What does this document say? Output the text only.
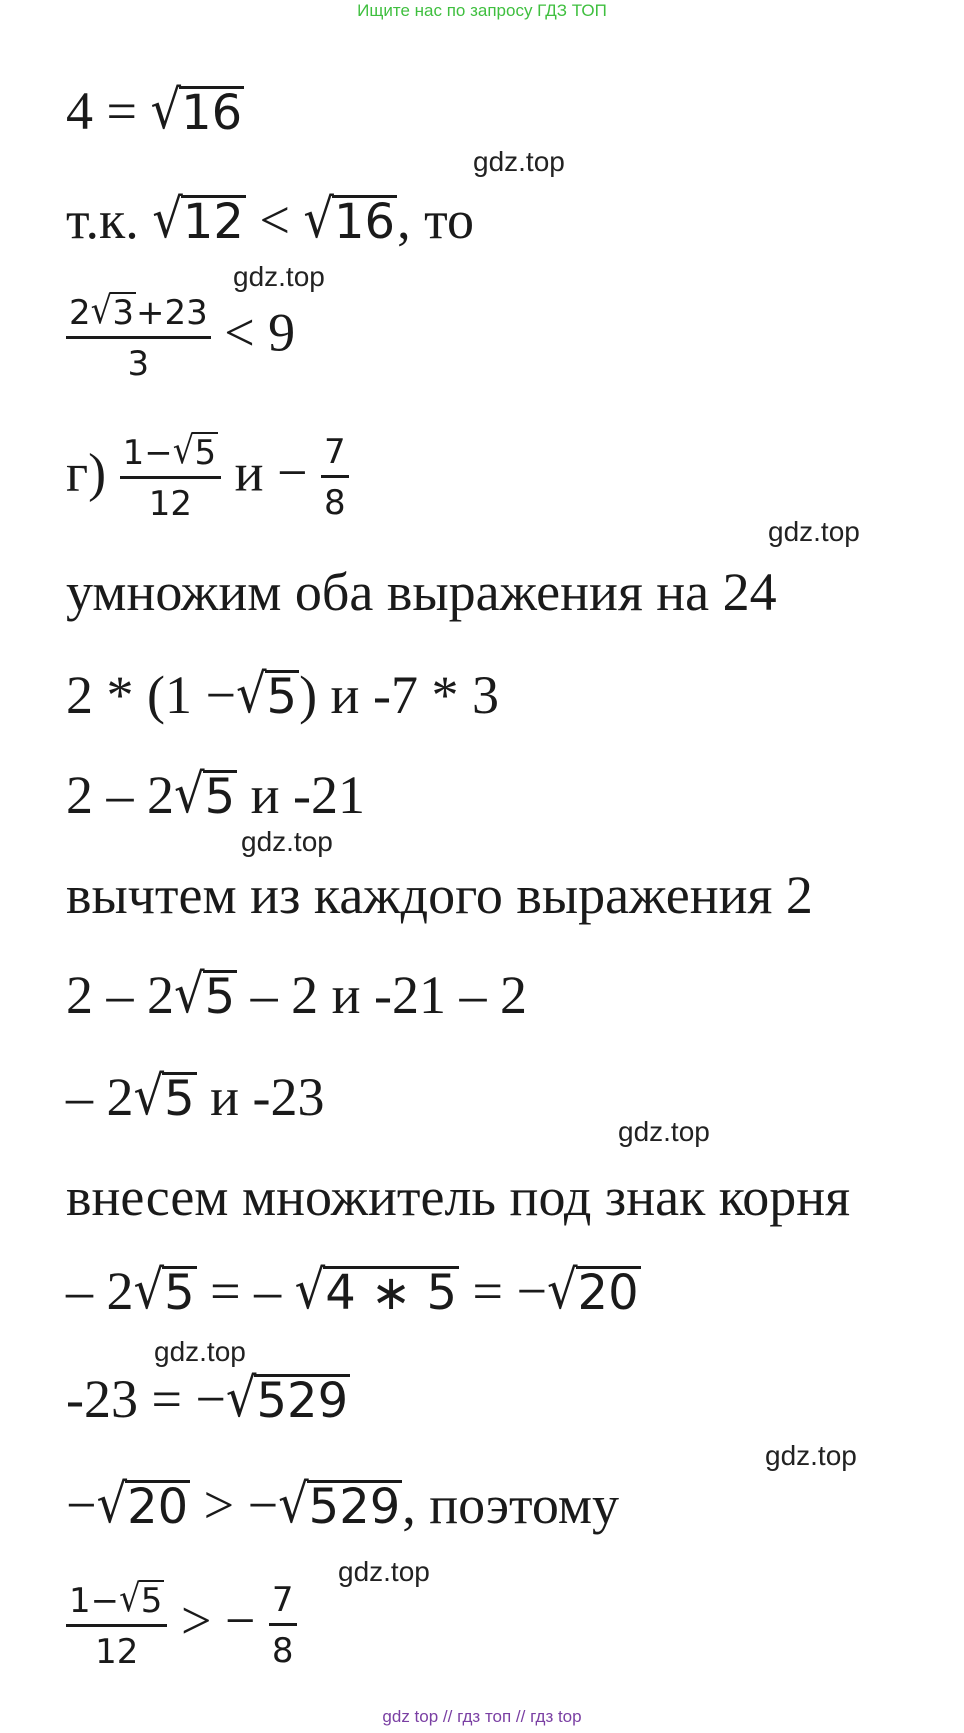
Ищите нас по запросу ГДЗ ТОП
gdz.top
gdz.top
gdz.top
gdz.top
gdz.top
gdz.top
gdz.top
gdz.top
4 = √16
т.к. √12 < √16, то
$\frac{2√3+23}{3} < 9$
$г) \frac{1-√5}{12}$ $и - \frac{7}{8}$
умножим оба выражения на 24
2 * (1 −√5) и -7 * 3
2 – 2√5 и -21
вычтем из каждого выражения 2
2 – 2√5 – 2 и -21 – 2
– 2√5 и -23
внесем множитель под знак корня
– 2√5 = – √4 ∗ 5 = −√20
-23 = −√529
−√20 > −√529, поэтому
$\frac{1-√5}{12}$ > − $\frac{7}{8}$
gdz top // гдз топ // гдз top
